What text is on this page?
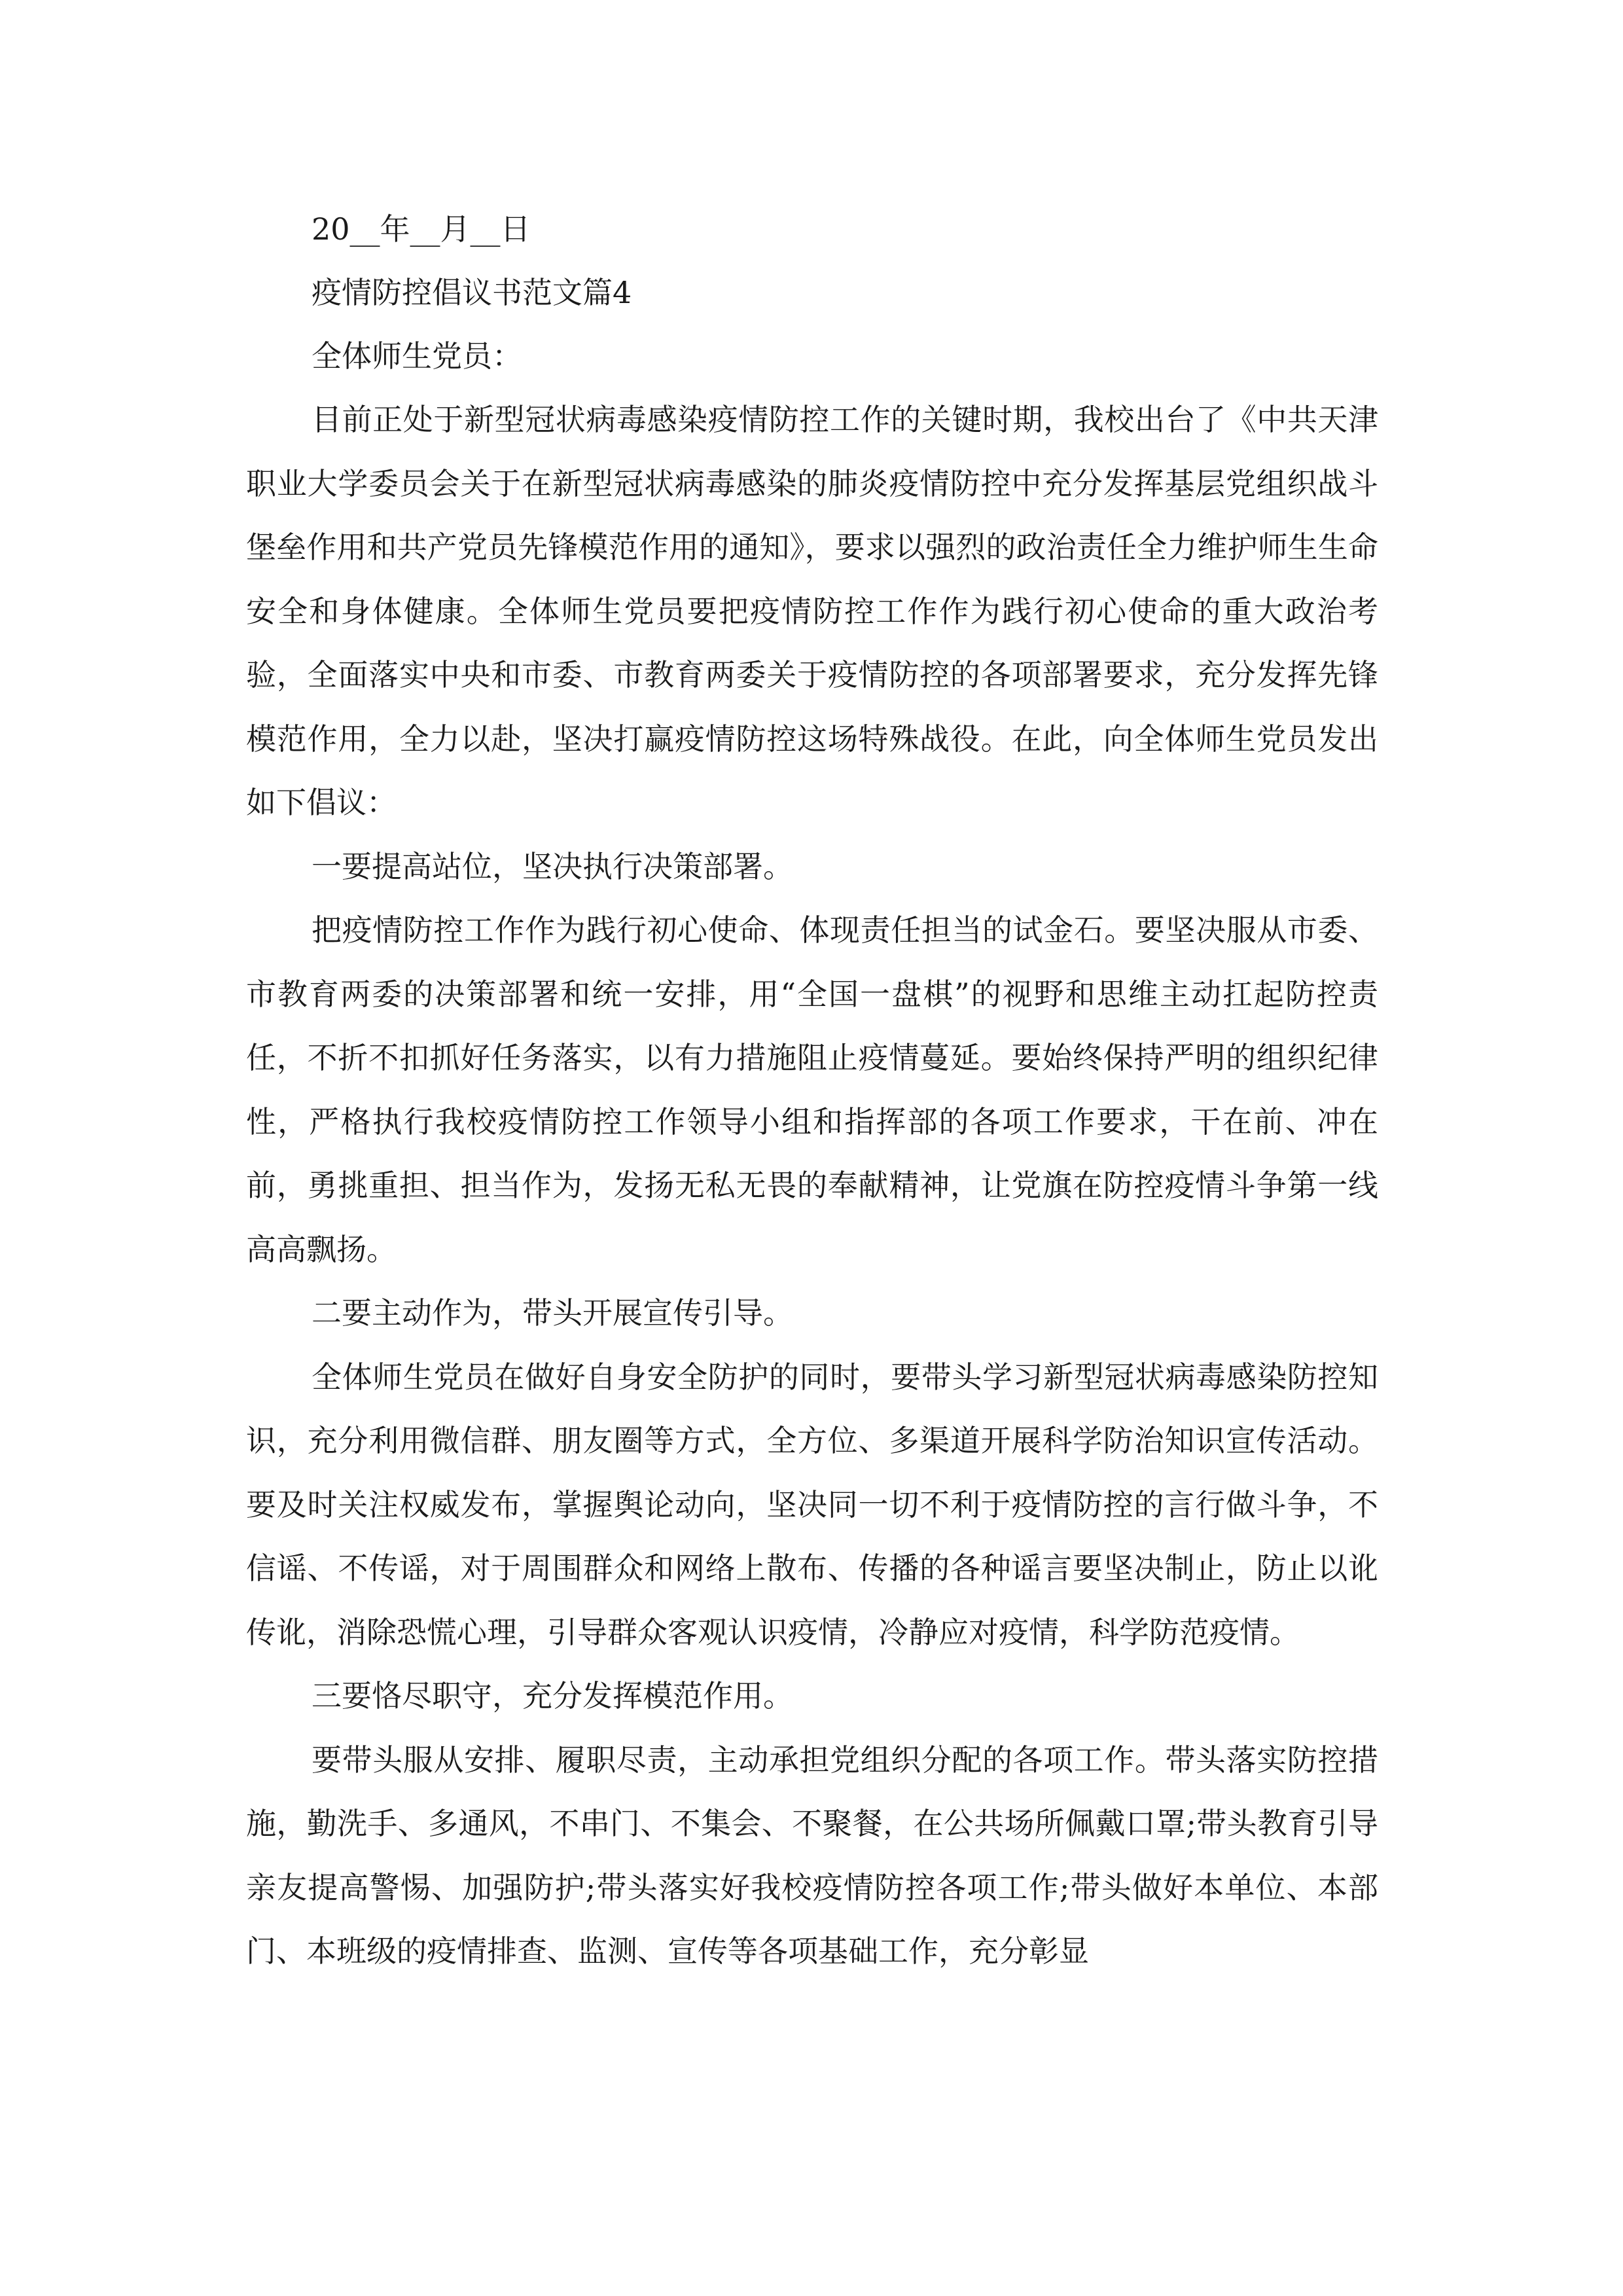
20__年__月__日

疫情防控倡议书范文篇4

全体师生党员：

目前正处于新型冠状病毒感染疫情防控工作的关键时期，我校出台了《中共天津职业大学委员会关于在新型冠状病毒感染的肺炎疫情防控中充分发挥基层党组织战斗堡垒作用和共产党员先锋模范作用的通知》，要求以强烈的政治责任全力维护师生生命安全和身体健康。全体师生党员要把疫情防控工作作为践行初心使命的重大政治考验，全面落实中央和市委、市教育两委关于疫情防控的各项部署要求，充分发挥先锋模范作用，全力以赴，坚决打赢疫情防控这场特殊战役。在此，向全体师生党员发出如下倡议：

一要提高站位，坚决执行决策部署。

把疫情防控工作作为践行初心使命、体现责任担当的试金石。要坚决服从市委、市教育两委的决策部署和统一安排，用“全国一盘棋”的视野和思维主动扛起防控责任，不折不扣抓好任务落实，以有力措施阻止疫情蔓延。要始终保持严明的组织纪律性，严格执行我校疫情防控工作领导小组和指挥部的各项工作要求，干在前、冲在前，勇挑重担、担当作为，发扬无私无畏的奉献精神，让党旗在防控疫情斗争第一线高高飘扬。

二要主动作为，带头开展宣传引导。

全体师生党员在做好自身安全防护的同时，要带头学习新型冠状病毒感染防控知识，充分利用微信群、朋友圈等方式，全方位、多渠道开展科学防治知识宣传活动。要及时关注权威发布，掌握舆论动向，坚决同一切不利于疫情防控的言行做斗争，不信谣、不传谣，对于周围群众和网络上散布、传播的各种谣言要坚决制止，防止以讹传讹，消除恐慌心理，引导群众客观认识疫情，冷静应对疫情，科学防范疫情。

三要恪尽职守，充分发挥模范作用。

要带头服从安排、履职尽责，主动承担党组织分配的各项工作。带头落实防控措施，勤洗手、多通风，不串门、不集会、不聚餐，在公共场所佩戴口罩;带头教育引导亲友提高警惕、加强防护;带头落实好我校疫情防控各项工作;带头做好本单位、本部门、本班级的疫情排查、监测、宣传等各项基础工作，充分彰显
